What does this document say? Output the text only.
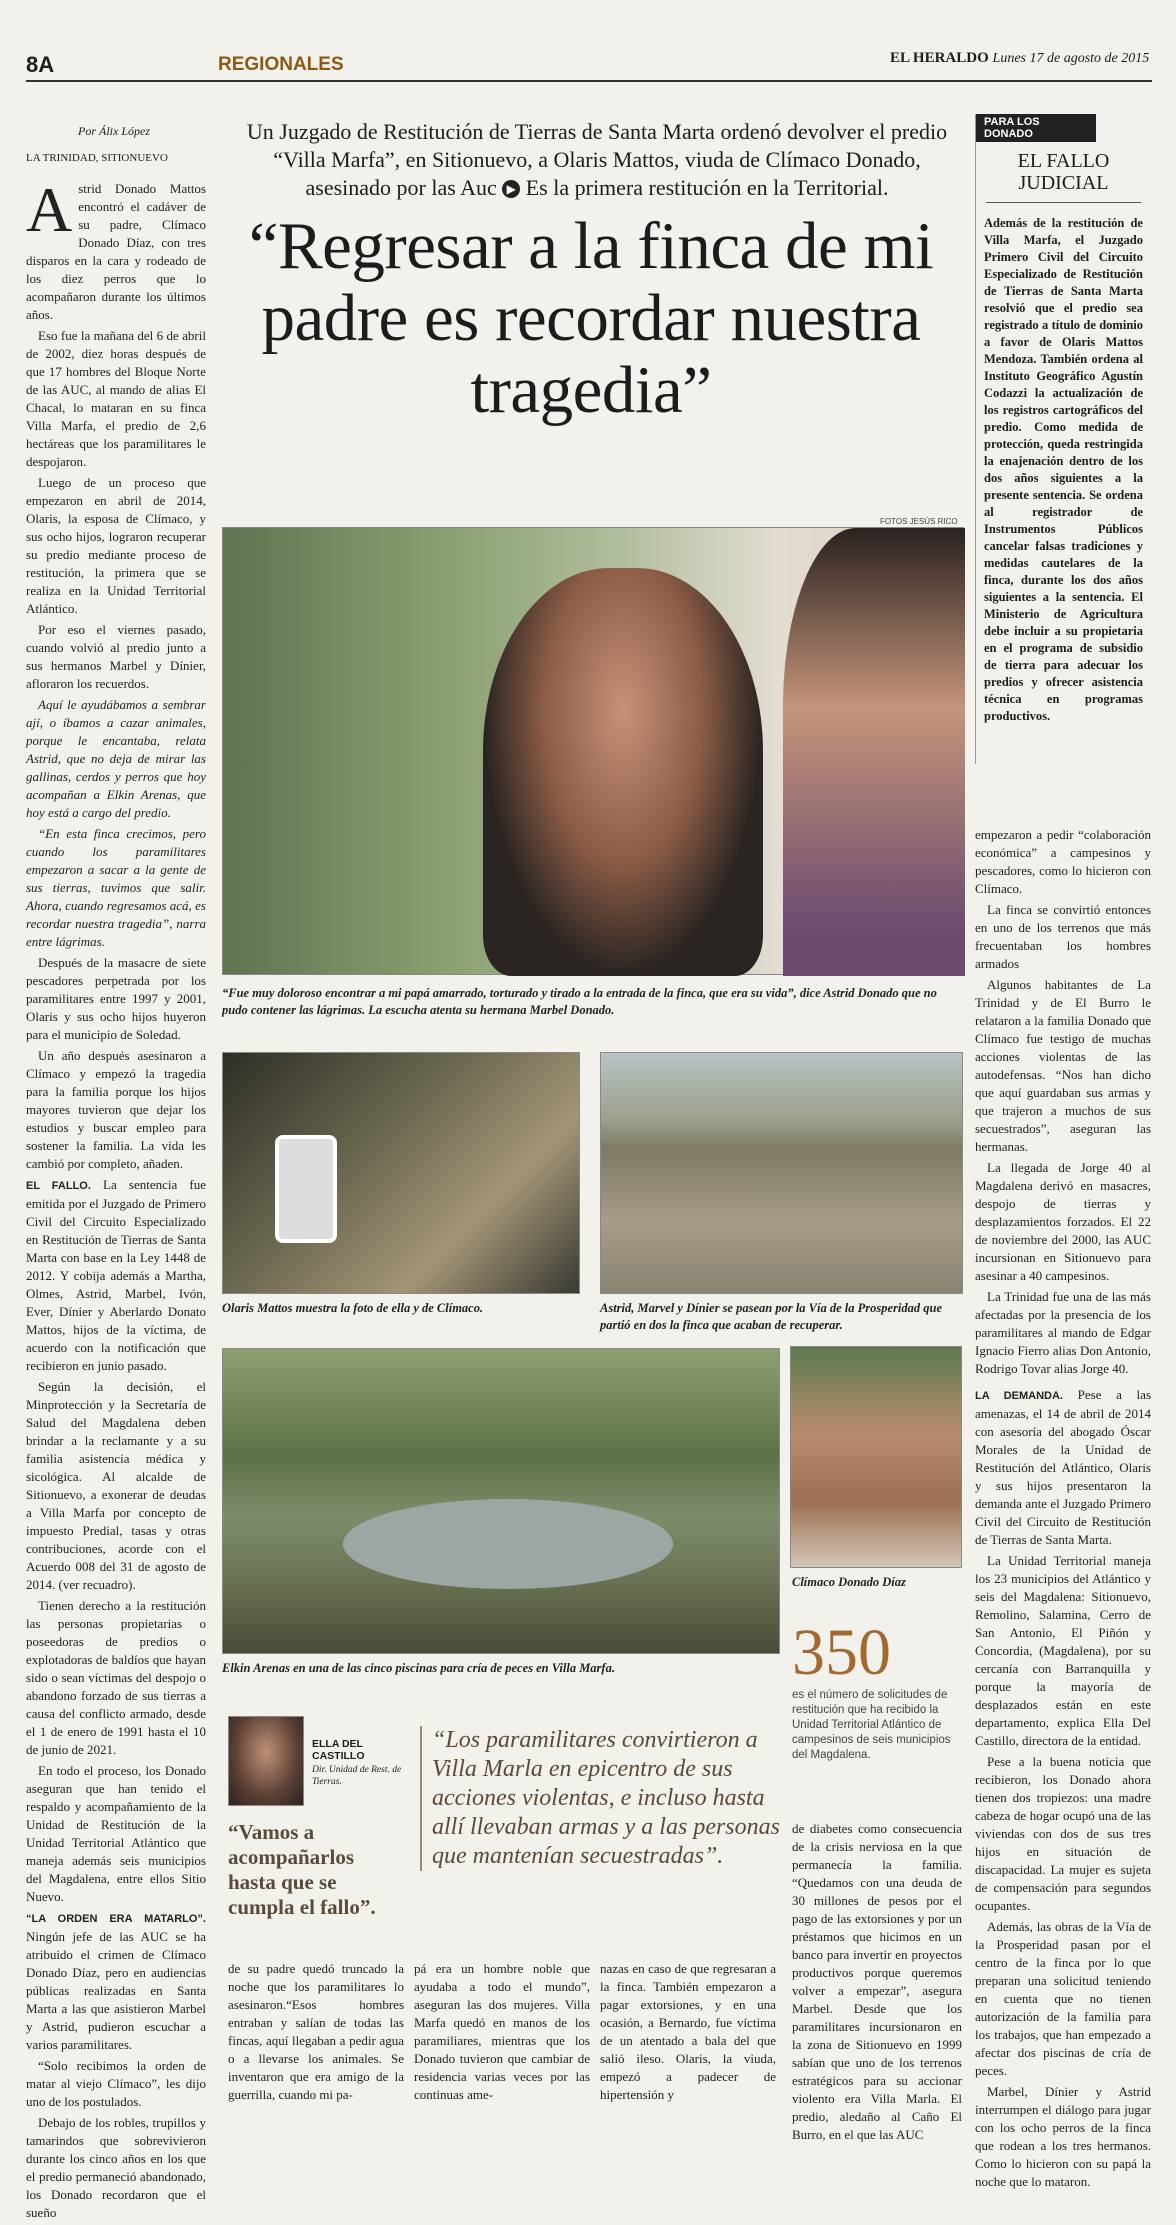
8A	REGIONALES	EL HERALDO Lunes 17 de agosto de 2015
Por Álix López
LA TRINIDAD, SITIONUEVO
Un Juzgado de Restitución de Tierras de Santa Marta ordenó devolver el predio “Villa Marfa”, en Sitionuevo, a Olaris Mattos, viuda de Clímaco Donado, asesinado por las Auc ▶ Es la primera restitución en la Territorial.
“Regresar a la finca de mi padre es recordar nuestra tragedia”
FOTOS JESÚS RICO

Astrid Donado Mattos encontró el cadáver de su padre, Clímaco Donado Díaz, con tres disparos en la cara y rodeado de los diez perros que lo acompañaron durante los últimos años.

Eso fue la mañana del 6 de abril de 2002, diez horas después de que 17 hombres del Bloque Norte de las AUC, al mando de alias El Chacal, lo mataran en su finca Villa Marfa, el predio de 2,6 hectáreas que los paramilitares le despojaron.

Luego de un proceso que empezaron en abril de 2014, Olaris, la esposa de Clímaco, y sus ocho hijos, lograron recuperar su predio mediante proceso de restitución, la primera que se realiza en la Unidad Territorial Atlántico.

Por eso el viernes pasado, cuando volvió al predio junto a sus hermanos Marbel y Dínier, afloraron los recuerdos.

Aquí le ayudábamos a sembrar ají, o íbamos a cazar animales, porque le encantaba, relata Astrid, que no deja de mirar las gallinas, cerdos y perros que hoy acompañan a Elkin Arenas, que hoy está a cargo del predio.

“En esta finca crecimos, pero cuando los paramilitares empezaron a sacar a la gente de sus tierras, tuvimos que salir. Ahora, cuando regresamos acá, es recordar nuestra tragedia”, narra entre lágrimas.

Después de la masacre de siete pescadores perpetrada por los paramilitares entre 1997 y 2001, Olaris y sus ocho hijos huyeron para el municipio de Soledad.

Un año después asesinaron a Clímaco y empezó la tragedia para la familia porque los hijos mayores tuvieron que dejar los estudios y buscar empleo para sostener la familia. La vida les cambió por completo, añaden.

EL FALLO. La sentencia fue emitida por el Juzgado de Primero Civil del Circuito Especializado en Restitución de Tierras de Santa Marta con base en la Ley 1448 de 2012. Y cobija además a Martha, Olmes, Astrid, Marbel, Ivón, Ever, Dínier y Aberlardo Donato Mattos, hijos de la víctima, de acuerdo con la notificación que recibieron en junio pasado.

Según la decisión, el Minprotección y la Secretaría de Salud del Magdalena deben brindar a la reclamante y a su familia asistencia médica y sicológica. Al alcalde de Sitionuevo, a exonerar de deudas a Villa Marfa por concepto de impuesto Predial, tasas y otras contribuciones, acorde con el Acuerdo 008 del 31 de agosto de 2014. (ver recuadro).

Tienen derecho a la restitución las personas propietarias o poseedoras de predios o explotadoras de baldíos que hayan sido o sean víctimas del despojo o abandono forzado de sus tierras a causa del conflicto armado, desde el 1 de enero de 1991 hasta el 10 de junio de 2021.

En todo el proceso, los Donado aseguran que han tenido el respaldo y acompañamiento de la Unidad de Restitución de la Unidad Territorial Atlántico que maneja además seis municipios del Magdalena, entre ellos Sitio Nuevo.

“LA ORDEN ERA MATARLO”. Ningún jefe de las AUC se ha atribuido el crimen de Clímaco Donado Díaz, pero en audiencias públicas realizadas en Santa Marta a las que asistieron Marbel y Astrid, pudieron escuchar a varios paramilitares.

“Solo recibimos la orden de matar al viejo Clímaco”, les dijo uno de los postulados.

Debajo de los robles, trupillos y tamarindos que sobrevivieron durante los cinco años en los que el predio permaneció abandonado, los Donado recordaron que el sueño

PARA LOS DONADO
EL FALLO JUDICIAL
Además de la restitución de Villa Marfa, el Juzgado Primero Civil del Circuito Especializado de Restitución de Tierras de Santa Marta resolvió que el predio sea registrado a título de dominio a favor de Olaris Mattos Mendoza. También ordena al Instituto Geográfico Agustín Codazzi la actualización de los registros cartográficos del predio. Como medida de protección, queda restringida la enajenación dentro de los dos años siguientes a la presente sentencia. Se ordena al registrador de Instrumentos Públicos cancelar falsas tradiciones y medidas cautelares de la finca, durante los dos años siguientes a la sentencia. El Ministerio de Agricultura debe incluir a su propietaria en el programa de subsidio de tierra para adecuar los predios y ofrecer asistencia técnica en programas productivos.
“Fue muy doloroso encontrar a mi papá amarrado, torturado y tirado a la entrada de la finca, que era su vida”, dice Astrid Donado que no pudo contener las lágrimas. La escucha atenta su hermana Marbel Donado.
Olaris Mattos muestra la foto de ella y de Clímaco.	Astrid, Marvel y Dínier se pasean por la Vía de la Prosperidad que partió en dos la finca que acaban de recuperar.

empezaron a pedir “colaboración económica” a campesinos y pescadores, como lo hicieron con Clímaco.

La finca se convirtió entonces en uno de los terrenos que más frecuentaban los hombres armados

Algunos habitantes de La Trinidad y de El Burro le relataron a la familia Donado que Clímaco fue testigo de muchas acciones violentas de las autodefensas. “Nos han dicho que aquí guardaban sus armas y que trajeron a muchos de sus secuestrados”, aseguran las hermanas.

La llegada de Jorge 40 al Magdalena derivó en masacres, despojo de tierras y desplazamientos forzados. El 22 de noviembre del 2000, las AUC incursionan en Sitionuevo para asesinar a 40 campesinos.

La Trinidad fue una de las más afectadas por la presencia de los paramilitares al mando de Edgar Ignacio Fierro alias Don Antonio, Rodrigo Tovar alias Jorge 40.

LA DEMANDA. Pese a las amenazas, el 14 de abril de 2014 con asesoría del abogado Óscar Morales de la Unidad de Restitución del Atlántico, Olaris y sus hijos presentaron la demanda ante el Juzgado Primero Civil del Circuito de Restitución de Tierras de Santa Marta.

La Unidad Territorial maneja los 23 municipios del Atlántico y seis del Magdalena: Sitionuevo, Remolino, Salamina, Cerro de San Antonio, El Piñón y Concordia, (Magdalena), por su cercanía con Barranquilla y porque la mayoría de desplazados están en este departamento, explica Ella Del Castillo, directora de la entidad.

Pese a la buena noticia que recibieron, los Donado ahora tienen dos tropiezos: una madre cabeza de hogar ocupó una de las viviendas con dos de sus tres hijos en situación de discapacidad. La mujer es sujeta de compensación para segundos ocupantes.

Además, las obras de la Vía de la Prosperidad pasan por el centro de la finca por lo que preparan una solicitud teniendo en cuenta que no tienen autorización de la familia para los trabajos, que han empezado a afectar dos piscinas de cría de peces.

Marbel, Dínier y Astrid interrumpen el diálogo para jugar con los ocho perros de la finca que rodean a los tres hermanos. Como lo hicieron con su papá la noche que lo mataron.

Elkin Arenas en una de las cinco piscinas para cría de peces en Villa Marfa.
Clímaco Donado Díaz
350
es el número de solicitudes de restitución que ha recibido la Unidad Territorial Atlántico de campesinos de seis municipios del Magdalena.
ELLA DEL CASTILLO
Dir. Unidad de Rest. de Tierras.
“Vamos a acompañarlos hasta que se cumpla el fallo”.
“Los paramilitares convirtieron a Villa Marla en epicentro de sus acciones violentas, e incluso hasta allí llevaban armas y a las personas que mantenían secuestradas”.
de su padre quedó truncado la noche que los paramilitares lo asesinaron.“Esos hombres entraban y salían de todas las fincas, aquí llegaban a pedir agua o a llevarse los animales. Se inventaron que era amigo de la guerrilla, cuando mi pa-
pá era un hombre noble que ayudaba a todo el mundo”, aseguran las dos mujeres. Villa Marfa quedó en manos de los paramiliares, mientras que los Donado tuvieron que cambiar de residencia varias veces por las continuas ame-
nazas en caso de que regresaran a la finca. También empezaron a pagar extorsiones, y en una ocasión, a Bernardo, fue víctima de un atentado a bala del que salió ileso. Olaris, la viuda, empezó a padecer de hipertensión y
de diabetes como consecuencia de la crisis nerviosa en la que permanecía la familia. “Quedamos con una deuda de 30 millones de pesos por el pago de las extorsiones y por un préstamos que hicimos en un banco para invertir en proyectos productivos porque queremos volver a empezar”, asegura Marbel. Desde que los paramilitares incursionaron en la zona de Sitionuevo en 1999 sabían que uno de los terrenos estratégicos para su accionar violento era Villa Marla. El predio, aledaño al Caño El Burro, en el que las AUC
